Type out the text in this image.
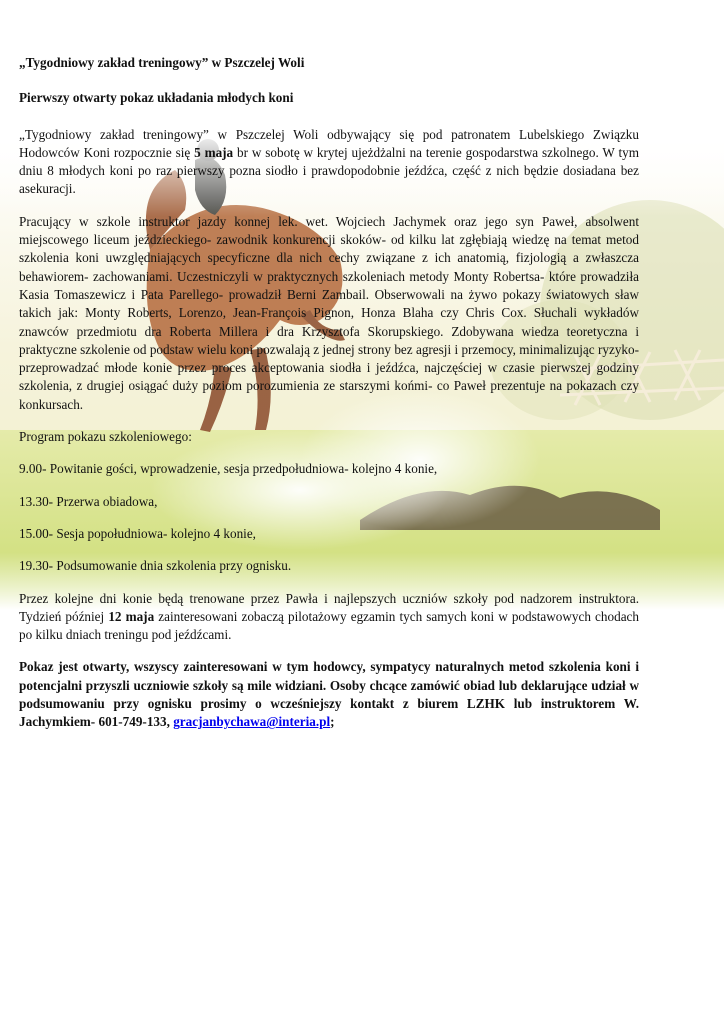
„Tygodniowy zakład treningowy” w Pszczelej Woli

Pierwszy otwarty pokaz układania młodych koni

„Tygodniowy zakład treningowy” w Pszczelej Woli odbywający się pod patronatem Lubelskiego Związku Hodowców Koni rozpocznie się 5 maja br w sobotę w krytej ujeżdżalni na terenie gospodarstwa szkolnego. W tym dniu 8 młodych koni po raz pierwszy pozna siodło i prawdopodobnie jeźdźca, część z nich będzie dosiadana bez asekuracji.

Pracujący w szkole instruktor jazdy konnej lek. wet. Wojciech Jachymek oraz jego syn Paweł, absolwent miejscowego liceum jeździeckiego- zawodnik konkurencji skoków- od kilku lat zgłębiają wiedzę na temat metod szkolenia koni uwzględniających specyficzne dla nich cechy związane z ich anatomią, fizjologią a zwłaszcza behawiorem- zachowaniami. Uczestniczyli w praktycznych szkoleniach metody Monty Robertsa- które prowadziła Kasia Tomaszewicz i Pata Parellego- prowadził Berni Zambail. Obserwowali na żywo pokazy światowych sław takich jak: Monty Roberts, Lorenzo, Jean-François Pignon, Honza Blaha czy Chris Cox. Słuchali wykładów znawców przedmiotu dra Roberta Millera i dra Krzysztofa Skorupskiego. Zdobywana wiedza teoretyczna i praktyczne szkolenie od podstaw wielu koni pozwalają z jednej strony bez agresji i przemocy, minimalizując ryzyko- przeprowadzać młode konie przez proces akceptowania siodła i jeźdźca, najczęściej w czasie pierwszej godziny szkolenia, z drugiej osiągać duży poziom porozumienia ze starszymi końmi- co Paweł prezentuje na pokazach czy konkursach.

Program pokazu szkoleniowego:

9.00- Powitanie gości, wprowadzenie, sesja przedpołudniowa- kolejno 4 konie,

13.30- Przerwa obiadowa,

15.00- Sesja popołudniowa- kolejno 4 konie,

19.30- Podsumowanie dnia szkolenia przy ognisku.

Przez kolejne dni konie będą trenowane przez Pawła i najlepszych uczniów szkoły pod nadzorem instruktora. Tydzień później 12 maja zainteresowani zobaczą pilotażowy egzamin tych samych koni w podstawowych chodach po kilku dniach treningu pod jeźdźcami.

Pokaz jest otwarty, wszyscy zainteresowani w tym hodowcy, sympatycy naturalnych metod szkolenia koni i potencjalni przyszli uczniowie szkoły są mile widziani. Osoby chcące zamówić obiad lub deklarujące udział w podsumowaniu przy ognisku prosimy o wcześniejszy kontakt z biurem LZHK lub instruktorem W. Jachymkiem- 601-749-133, gracjanbychawa@interia.pl;
